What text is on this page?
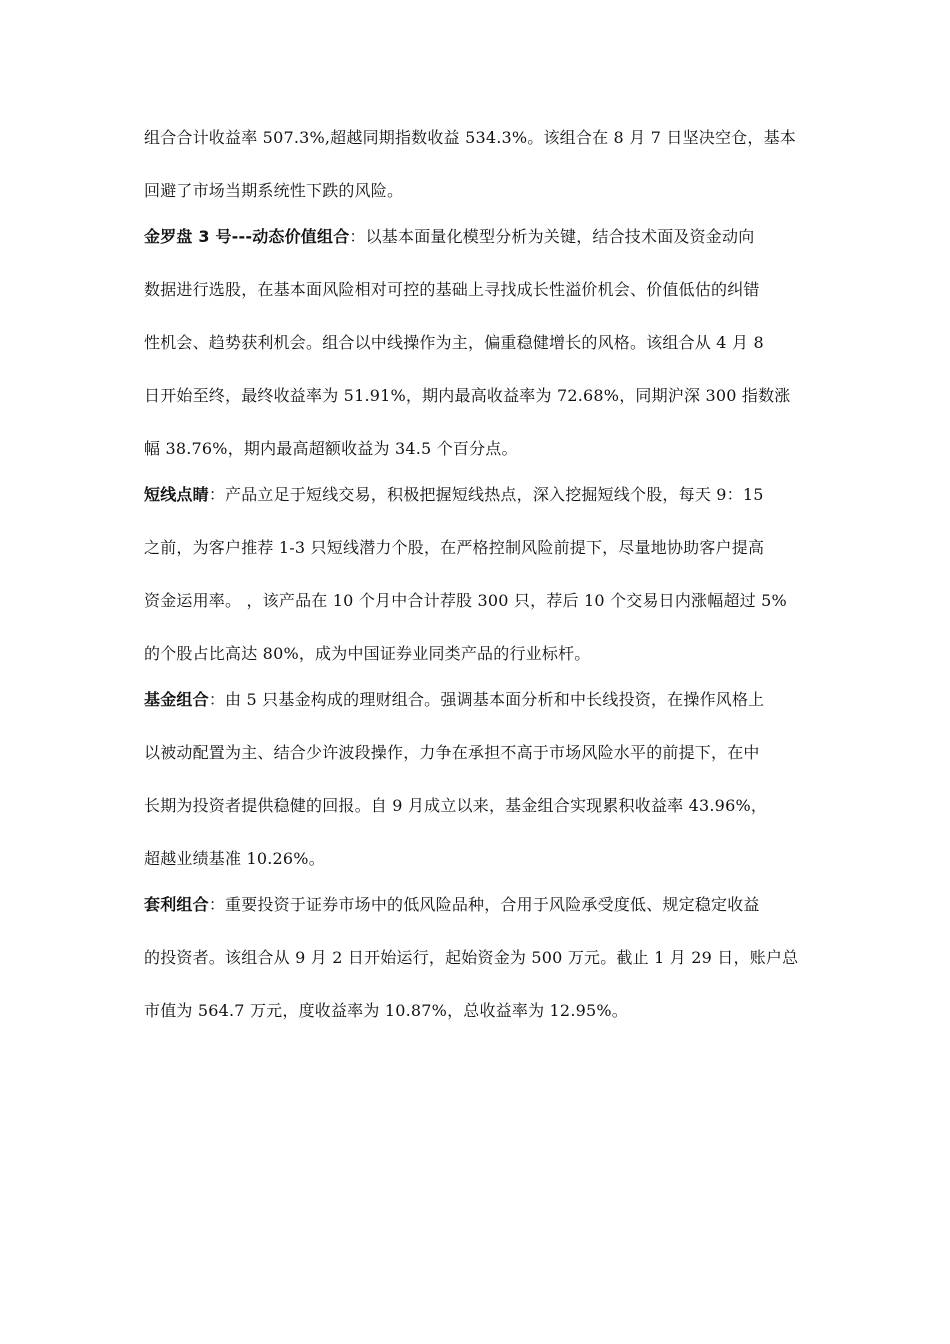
组合合计收益率 507.3%,超越同期指数收益 534.3%。该组合在 8 月 7 日坚决空仓，基本
回避了市场当期系统性下跌的风险。
金罗盘 3 号---动态价值组合：以基本面量化模型分析为关键，结合技术面及资金动向
数据进行选股，在基本面风险相对可控的基础上寻找成长性溢价机会、价值低估的纠错
性机会、趋势获利机会。组合以中线操作为主，偏重稳健增长的风格。该组合从 4 月 8
日开始至终，最终收益率为 51.91%，期内最高收益率为 72.68%，同期沪深 300 指数涨
幅 38.76%，期内最高超额收益为 34.5 个百分点。
短线点睛：产品立足于短线交易，积极把握短线热点，深入挖掘短线个股，每天 9：15
之前，为客户推荐 1-3 只短线潜力个股，在严格控制风险前提下，尽量地协助客户提高
资金运用率。 ，该产品在 10 个月中合计荐股 300 只，荐后 10 个交易日内涨幅超过 5%
的个股占比高达 80%，成为中国证券业同类产品的行业标杆。
基金组合：由 5 只基金构成的理财组合。强调基本面分析和中长线投资，在操作风格上
以被动配置为主、结合少许波段操作，力争在承担不高于市场风险水平的前提下，在中
长期为投资者提供稳健的回报。自 9 月成立以来，基金组合实现累积收益率 43.96%，
超越业绩基准 10.26%。
套利组合：重要投资于证券市场中的低风险品种，合用于风险承受度低、规定稳定收益
的投资者。该组合从 9 月 2 日开始运行，起始资金为 500 万元。截止 1 月 29 日，账户总
市值为 564.7 万元，度收益率为 10.87%，总收益率为 12.95%。
